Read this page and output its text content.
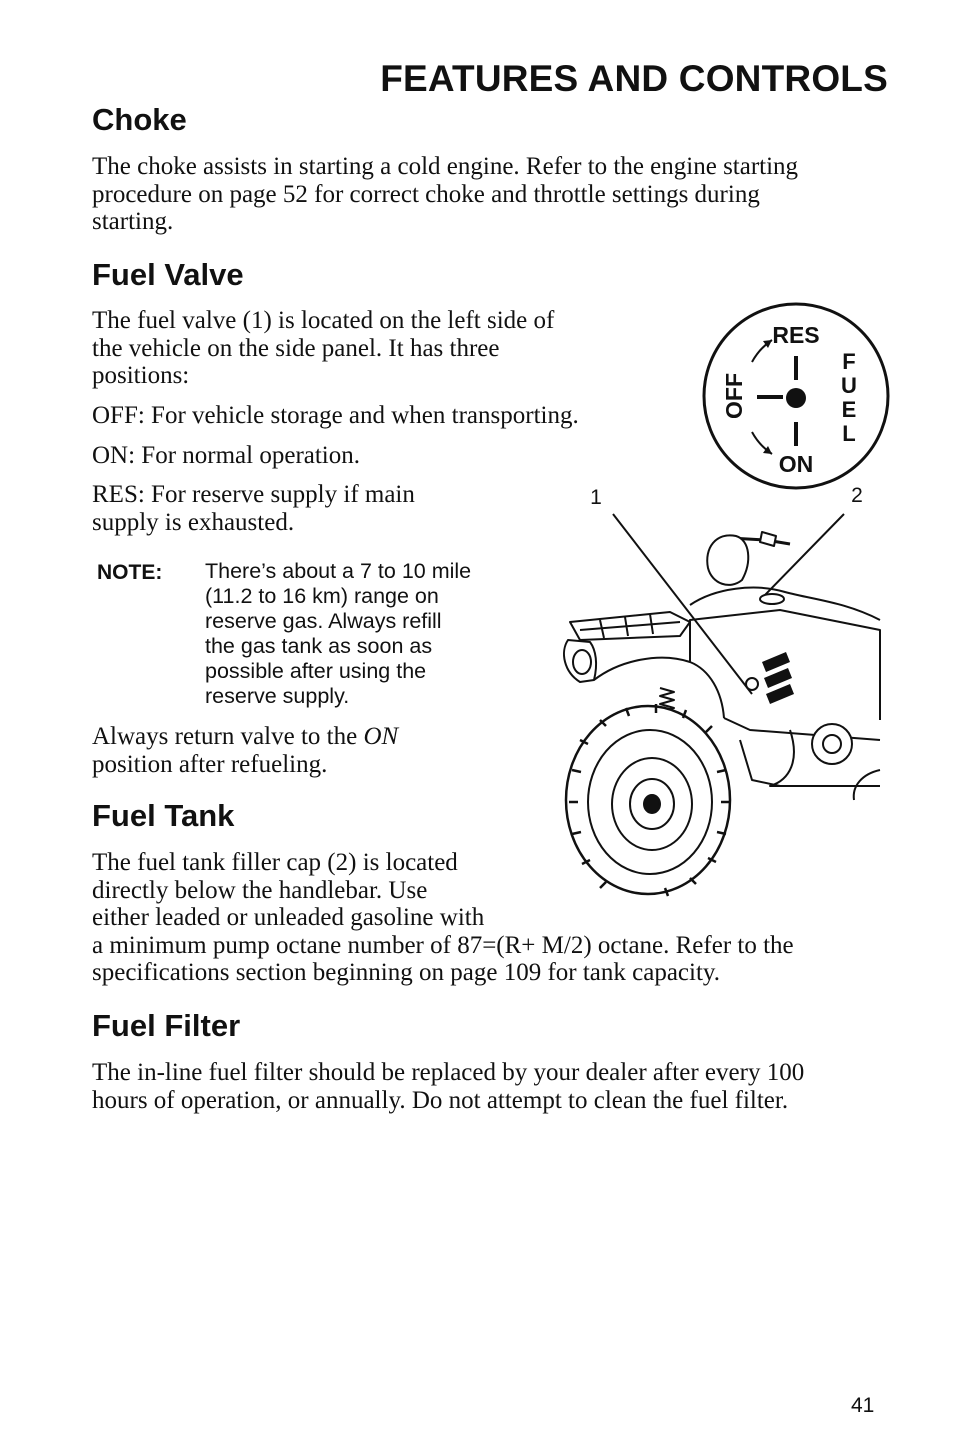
FEATURES AND CONTROLS
Choke
The choke assists in starting a cold engine. Refer to the engine starting
procedure on page 52 for correct choke and throttle settings during
starting.
Fuel Valve
The fuel valve (1) is located on the left side of
the vehicle on the side panel. It has three
positions:
OFF: For vehicle storage and when transporting.
ON: For normal operation.
RES: For reserve supply if main
supply is exhausted.
NOTE: There’s about a 7 to 10 mile
(11.2 to 16 km) range on
reserve gas. Always refill
the gas tank as soon as
possible after using the
reserve supply.
Always return valve to the ON
position after refueling.
Fuel Tank
The fuel tank filler cap (2) is located
directly below the handlebar. Use
either leaded or unleaded gasoline with
a minimum pump octane number of 87=(R+ M/2) octane. Refer to the
specifications section beginning on page 109 for tank capacity.
Fuel Filter
The in-line fuel filter should be replaced by your dealer after every 100
hours of operation, or annually. Do not attempt to clean the fuel filter.
RES
ON
OFF
F
U
E
L
1	2
41
